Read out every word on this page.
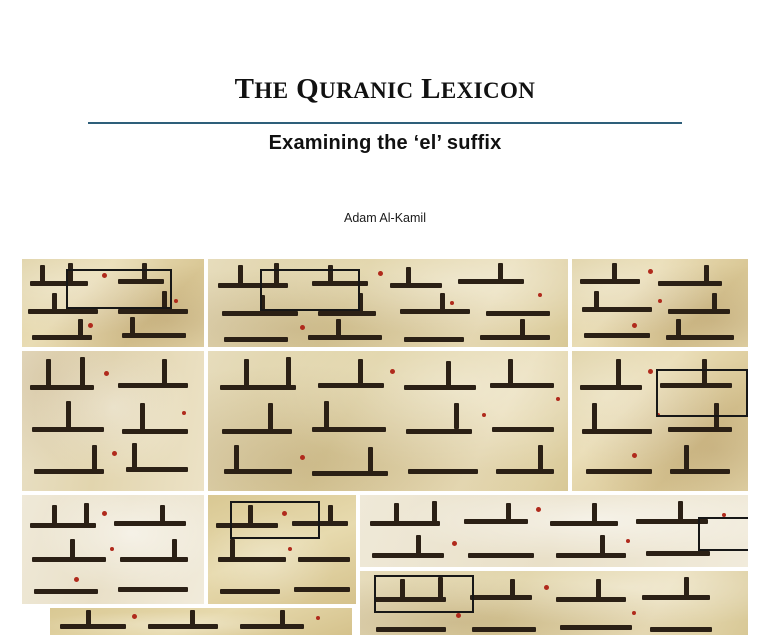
THE QURANIC LEXICON
Examining the ‘el’ suffix
Adam Al-Kamil
